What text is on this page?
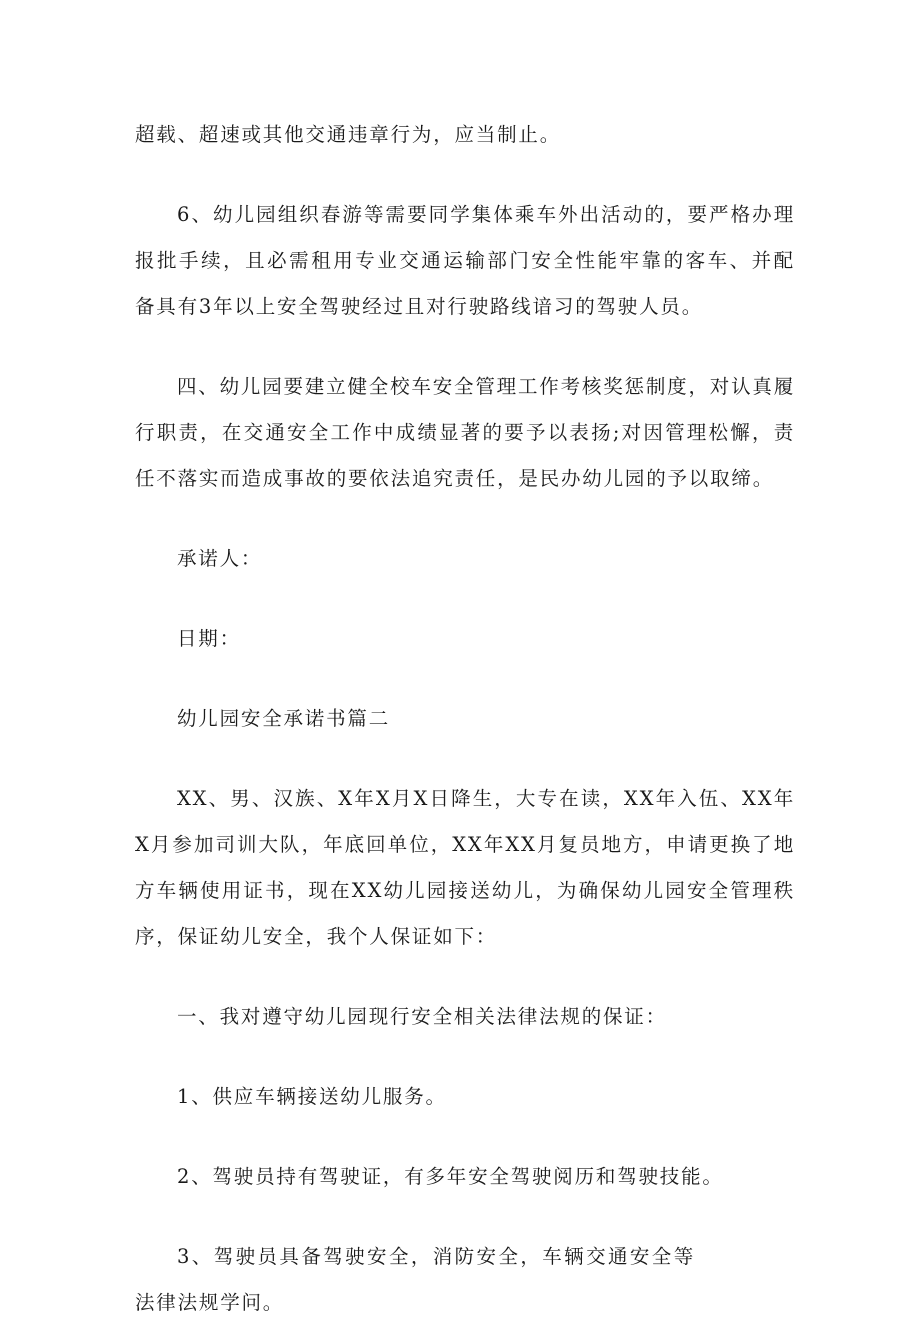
超载、超速或其他交通违章行为，应当制止。

6、幼儿园组织春游等需要同学集体乘车外出活动的，要严格办理报批手续，且必需租用专业交通运输部门安全性能牢靠的客车、并配备具有3年以上安全驾驶经过且对行驶路线谙习的驾驶人员。

四、幼儿园要建立健全校车安全管理工作考核奖惩制度，对认真履行职责，在交通安全工作中成绩显著的要予以表扬;对因管理松懈，责任不落实而造成事故的要依法追究责任，是民办幼儿园的予以取缔。

承诺人：

日期：

幼儿园安全承诺书篇二

XX、男、汉族、X年X月X日降生，大专在读，XX年入伍、XX年X月参加司训大队，年底回单位，XX年XX月复员地方，申请更换了地方车辆使用证书，现在XX幼儿园接送幼儿，为确保幼儿园安全管理秩序，保证幼儿安全，我个人保证如下：

一、我对遵守幼儿园现行安全相关法律法规的保证：

1、供应车辆接送幼儿服务。

2、驾驶员持有驾驶证，有多年安全驾驶阅历和驾驶技能。

3、驾驶员具备驾驶安全，消防安全，车辆交通安全等法律法规学问。
